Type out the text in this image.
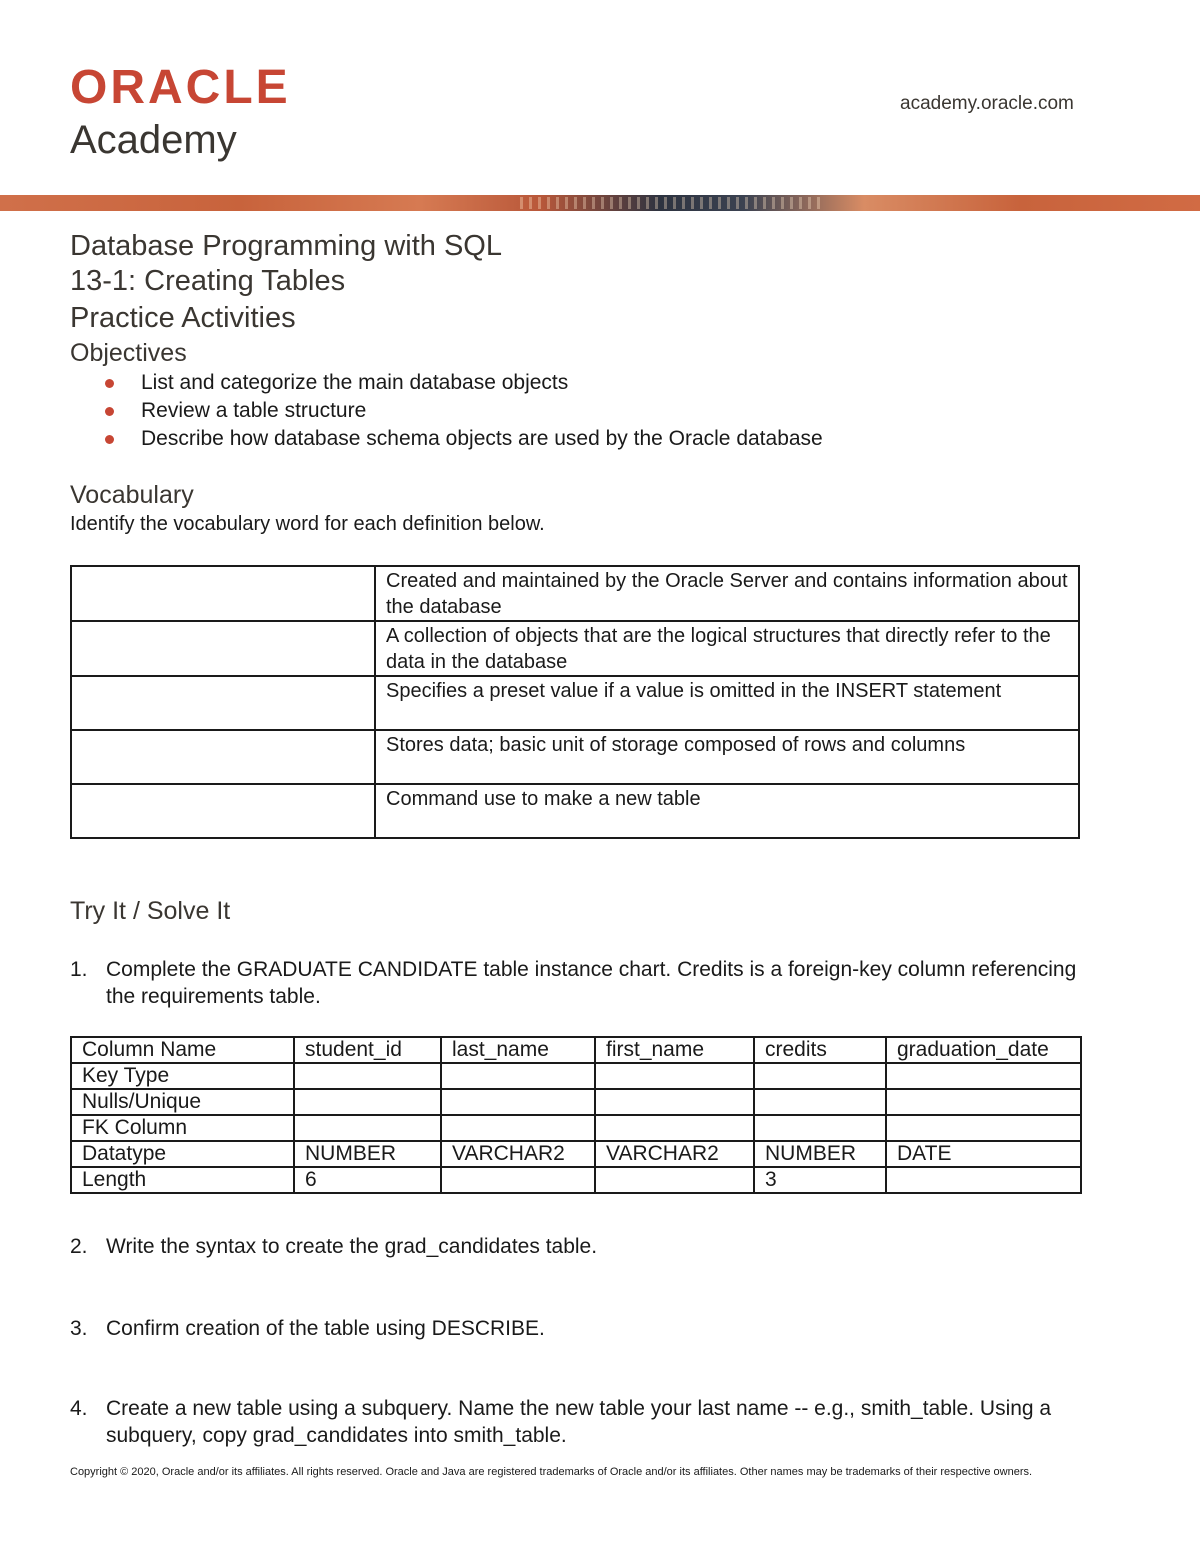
ORACLE
Academy
academy.oracle.com
Database Programming with SQL
13-1: Creating Tables
Practice Activities
Objectives
List and categorize the main database objects
Review a table structure
Describe how database schema objects are used by the Oracle database
Vocabulary
Identify the vocabulary word for each definition below.
	Created and maintained by the Oracle Server and contains information about the database
	A collection of objects that are the logical structures that directly refer to the data in the database
	Specifies a preset value if a value is omitted in the INSERT statement
	Stores data; basic unit of storage composed of rows and columns
	Command use to make a new table
Try It / Solve It
1. Complete the GRADUATE CANDIDATE table instance chart. Credits is a foreign-key column referencing the requirements table.
Column Name	student_id	last_name	first_name	credits	graduation_date
Key Type					
Nulls/Unique					
FK Column					
Datatype	NUMBER	VARCHAR2	VARCHAR2	NUMBER	DATE
Length	6			3	
2. Write the syntax to create the grad_candidates table.
3. Confirm creation of the table using DESCRIBE.
4. Create a new table using a subquery. Name the new table your last name -- e.g., smith_table. Using a subquery, copy grad_candidates into smith_table.
Copyright © 2020, Oracle and/or its affiliates. All rights reserved. Oracle and Java are registered trademarks of Oracle and/or its affiliates. Other names may be trademarks of their respective owners.
